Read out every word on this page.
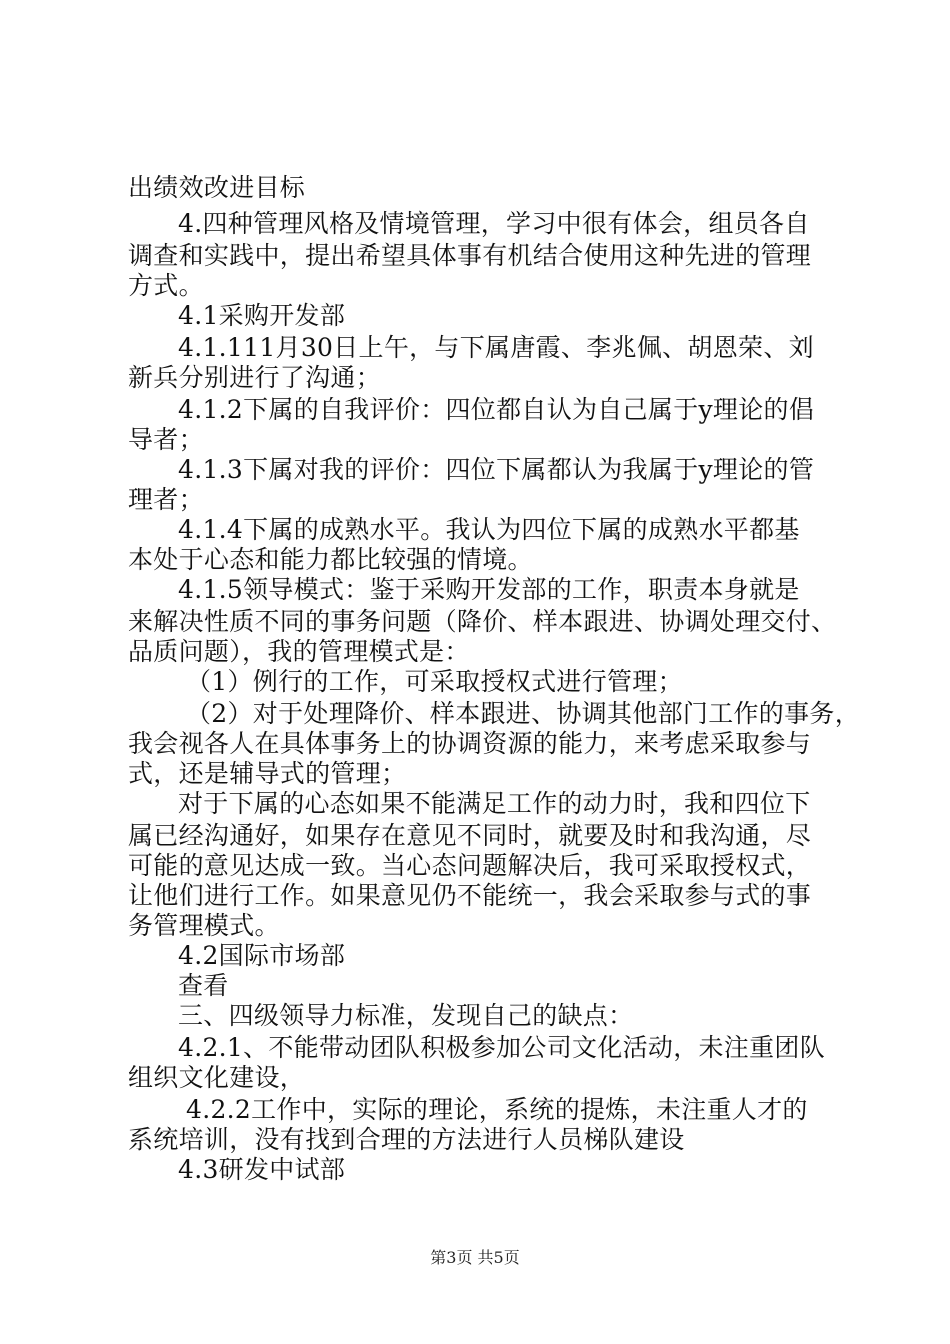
出绩效改进目标
4.四种管理风格及情境管理，学习中很有体会，组员各自
调查和实践中，提出希望具体事有机结合使用这种先进的管理
方式。
4.1采购开发部
4.1.111月30日上午，与下属唐霞、李兆佩、胡恩荣、刘
新兵分别进行了沟通；
4.1.2下属的自我评价：四位都自认为自己属于y理论的倡
导者；
4.1.3下属对我的评价：四位下属都认为我属于y理论的管
理者；
4.1.4下属的成熟水平。我认为四位下属的成熟水平都基
本处于心态和能力都比较强的情境。
4.1.5领导模式：鉴于采购开发部的工作，职责本身就是
来解决性质不同的事务问题（降价、样本跟进、协调处理交付、
品质问题），我的管理模式是：
（1）例行的工作，可采取授权式进行管理；
（2）对于处理降价、样本跟进、协调其他部门工作的事务，
我会视各人在具体事务上的协调资源的能力，来考虑采取参与
式，还是辅导式的管理；
对于下属的心态如果不能满足工作的动力时，我和四位下
属已经沟通好，如果存在意见不同时，就要及时和我沟通，尽
可能的意见达成一致。当心态问题解决后，我可采取授权式，
让他们进行工作。如果意见仍不能统一，我会采取参与式的事
务管理模式。
4.2国际市场部
查看
三、四级领导力标准，发现自己的缺点：
4.2.1、不能带动团队积极参加公司文化活动，未注重团队
组织文化建设，
4.2.2工作中，实际的理论，系统的提炼，未注重人才的
系统培训，没有找到合理的方法进行人员梯队建设
4.3研发中试部
第3页 共5页
